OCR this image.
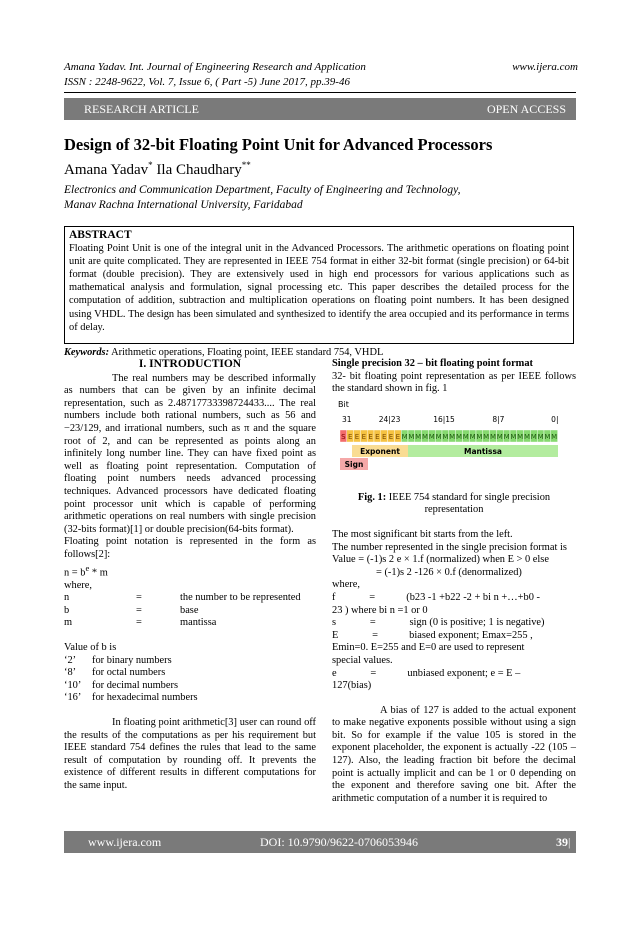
Amana Yadav. Int. Journal of Engineering Research and Application
ISSN : 2248-9622, Vol. 7, Issue 6, ( Part -5) June 2017, pp.39-46
www.ijera.com
RESEARCH ARTICLE	OPEN ACCESS
Design of 32-bit Floating Point Unit for Advanced Processors
Amana Yadav* Ila Chaudhary**
Electronics and Communication Department, Faculty of Engineering and Technology,
Manav Rachna International University, Faridabad
ABSTRACT
Floating Point Unit is one of the integral unit in the Advanced Processors. The arithmetic operations on floating point unit are quite complicated. They are represented in IEEE 754 format in either 32-bit format (single precision) or 64-bit format (double precision). They are extensively used in high end processors for various applications such as mathematical analysis and formulation, signal processing etc. This paper describes the detailed process for the computation of addition, subtraction and multiplication operations on floating point numbers. It has been designed using VHDL. The design has been simulated and synthesized to identify the area occupied and its performance in terms of delay.
Keywords: Arithmetic operations, Floating point, IEEE standard 754, VHDL
I. INTRODUCTION

The real numbers may be described informally as numbers that can be given by an infinite decimal representation, such as 2.48717733398724433.... The real numbers include both rational numbers, such as 56 and −23/129, and irrational numbers, such as π and the square root of 2, and can be represented as points along an infinitely long number line. They can have fixed point as well as floating point representation. Computation of floating point numbers needs advanced processing techniques. Advanced processors have dedicated floating point processor unit which is capable of performing arithmetic operations on real numbers with single precision (32-bits format)[1] or double precision(64-bits format).

Floating point notation is represented in the form as follows[2]:

$n = b^e * m$

where,

n	=	the number to be represented
b	=	base
m	=	mantissa

Value of b is

‘2’	for binary numbers
‘8’	for octal numbers
‘10’	for decimal numbers
‘16’	for hexadecimal numbers

In floating point arithmetic[3] user can round off the results of the computations as per his requirement but IEEE standard 754 defines the rules that lead to the same result of computation by rounding off. It prevents the existence of different results in different computations for the same input.

Single precision 32 – bit floating point format

32- bit floating point representation as per IEEE follows the standard shown in fig. 1

Bit
31	24|23	16|15	8|7	0|
S E E E E E E E E M M M M M M M M M M M M M M M M M M M M M M M
Exponent	Mantissa
Sign

Fig. 1: IEEE 754 standard for single precision representation

The most significant bit starts from the left.

The number represented in the single precision format is

Value = (-1)s 2 e × 1.f (normalized) when E > 0 else

= (-1)s 2 -126 × 0.f (denormalized)

where,

f             =            (b23 -1 +b22 -2 + bi n +…+b0 -

23 ) where bi n =1 or 0

s             =             sign (0 is positive; 1 is negative)

E             =            biased exponent; Emax=255 ,

Emin=0. E=255 and E=0 are used to represent

special values.

e             =            unbiased exponent; e = E –

127(bias)

A bias of 127 is added to the actual exponent to make negative exponents possible without using a sign bit. So for example if the value 105 is stored in the exponent placeholder, the exponent is actually -22 (105 – 127). Also, the leading fraction bit before the decimal point is actually implicit and can be 1 or 0 depending on the exponent and therefore saving one bit. After the arithmetic computation of a number it is required to

www.ijera.com	DOI: 10.9790/9622-0706053946	39 | P a g e
